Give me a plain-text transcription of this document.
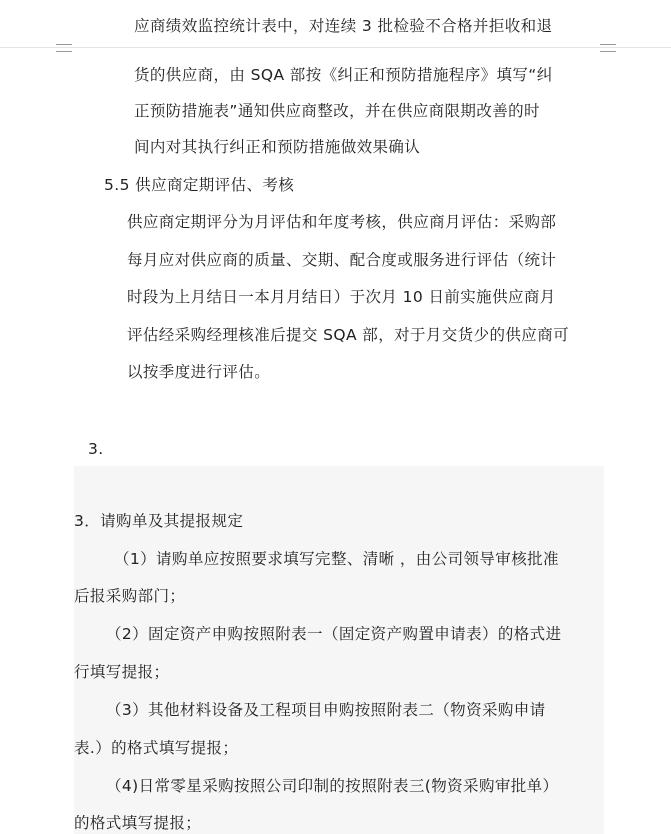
应商绩效监控统计表中，对连续 3 批检验不合格并拒收和退
货的供应商，由 SQA 部按《纠正和预防措施程序》填写“纠
正预防措施表”通知供应商整改，并在供应商限期改善的时
间内对其执行纠正和预防措施做效果确认
5.5 供应商定期评估、考核
供应商定期评分为月评估和年度考核，供应商月评估：采购部
每月应对供应商的质量、交期、配合度或服务进行评估（统计
时段为上月结日一本月月结日）于次月 10 日前实施供应商月
评估经采购经理核准后提交 SQA 部，对于月交货少的供应商可
以按季度进行评估。
3.
3．请购单及其提报规定
（1）请购单应按照要求填写完整、清晰 ，由公司领导审核批准
后报采购部门；
（2）固定资产申购按照附表一（固定资产购置申请表）的格式进
行填写提报；
（3）其他材料设备及工程项目申购按照附表二（物资采购申请
表.）的格式填写提报；
（4)日常零星采购按照公司印制的按照附表三(物资采购审批单）
的格式填写提报；
